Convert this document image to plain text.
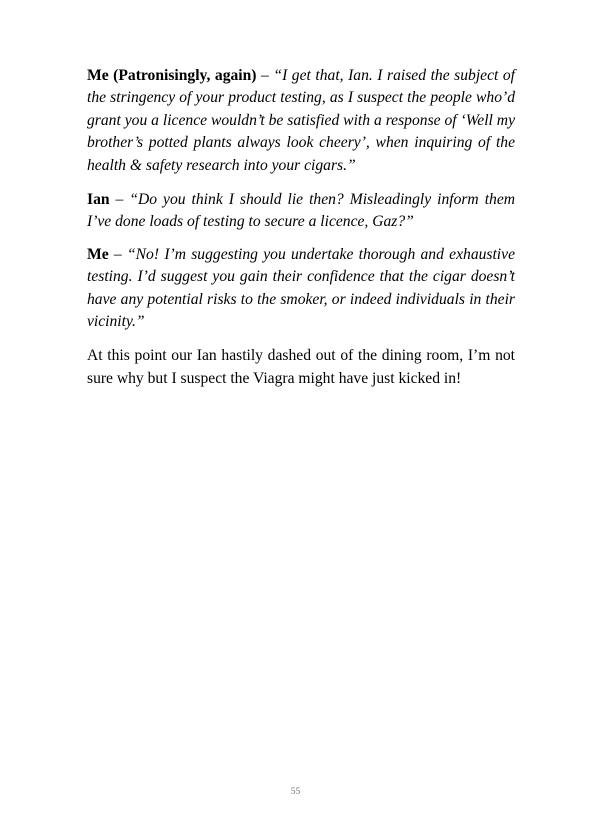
Me (Patronisingly, again) – “I get that, Ian. I raised the subject of the stringency of your product testing, as I suspect the people who’d grant you a licence wouldn’t be satisfied with a response of ‘Well my brother’s potted plants always look cheery’, when inquiring of the health & safety research into your cigars.”

Ian – “Do you think I should lie then? Misleadingly inform them I’ve done loads of testing to secure a licence, Gaz?”

Me – “No! I’m suggesting you undertake thorough and exhaustive testing. I’d suggest you gain their confidence that the cigar doesn’t have any potential risks to the smoker, or indeed individuals in their vicinity.”

At this point our Ian hastily dashed out of the dining room, I’m not sure why but I suspect the Viagra might have just kicked in!

55
